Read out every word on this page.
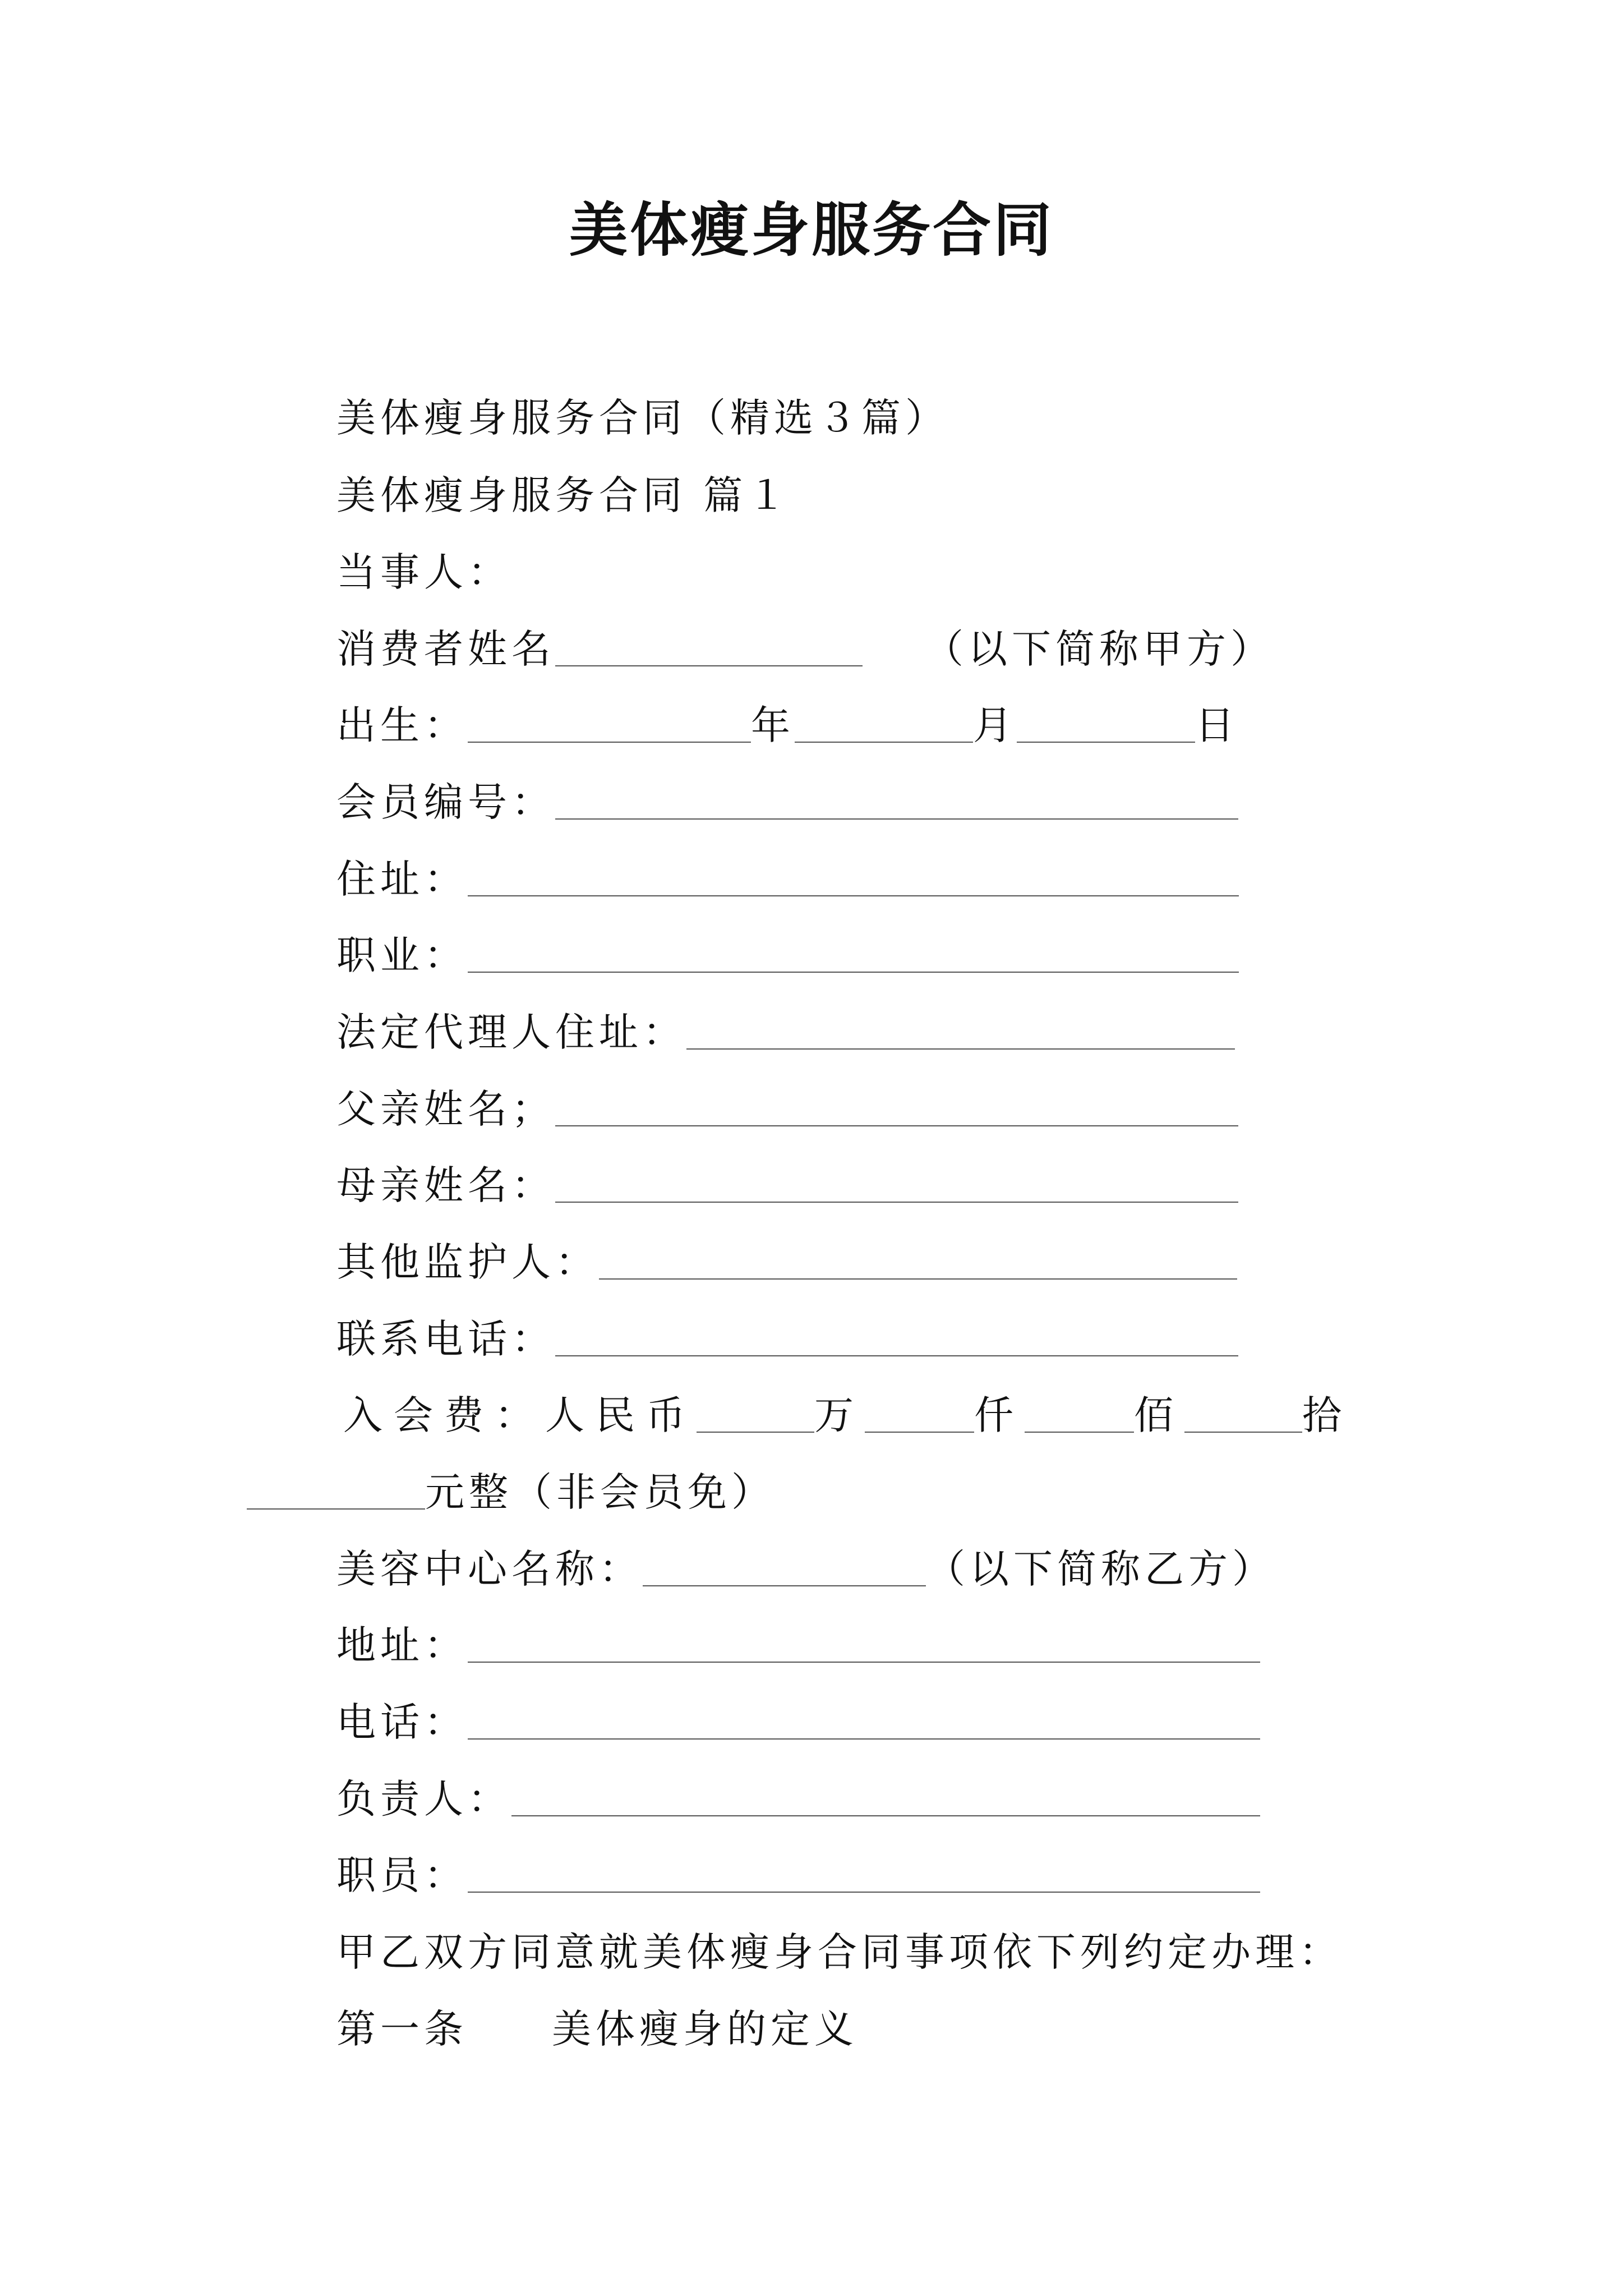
美体瘦身服务合同
美体瘦身服务合同（精选３篇）
美体瘦身服务合同 篇１
当事人：
消费者姓名	（以下简称甲方）
出生：	年	月	日
会员编号：
住址：
职业：
法定代理人住址：
父亲姓名；
母亲姓名：
其他监护人：
联系电话：
入会费：人民币	万	仟	佰	拾
元整（非会员免）
美容中心名称：	（以下简称乙方）
地址：
电话：
负责人：
职员：
甲乙双方同意就美体瘦身合同事项依下列约定办理：
第一条 美体瘦身的定义
